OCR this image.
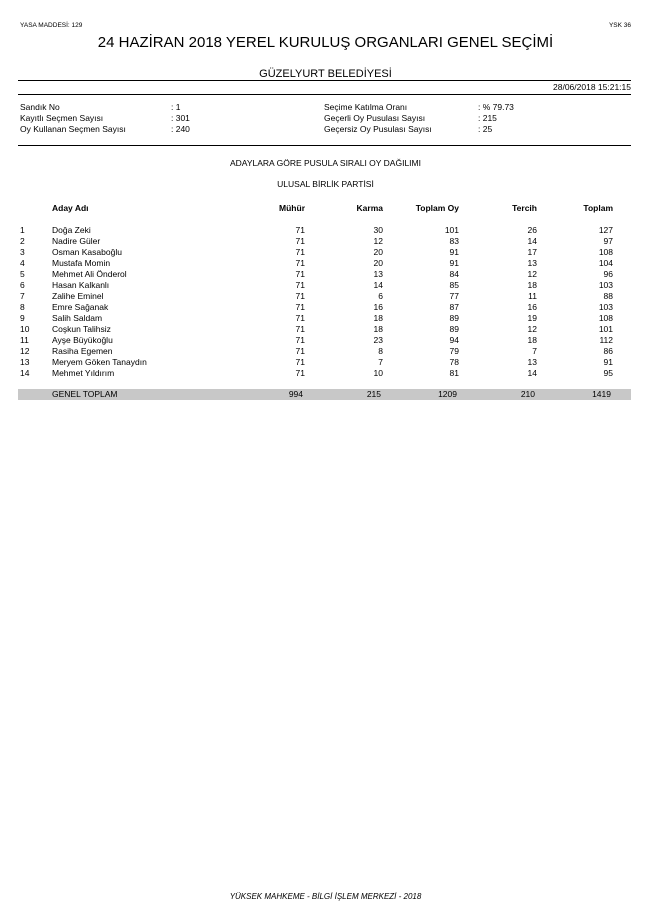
YASA MADDESİ: 129	YSK 36
24 HAZİRAN 2018 YEREL KURULUŞ ORGANLARI GENEL SEÇİMİ
GÜZELYURT BELEDİYESİ
28/06/2018 15:21:15
Sandık No	: 1
Kayıtlı Seçmen Sayısı	: 301
Oy Kullanan Seçmen Sayısı	: 240
Seçime Katılma Oranı	: % 79.73
Geçerli Oy Pusulası Sayısı	: 215
Geçersiz Oy Pusulası Sayısı	: 25
ADAYLARA GÖRE PUSULA SIRALI OY DAĞILIMI
ULUSAL BİRLİK PARTİSİ
Aday Adı	Mühür	Karma	Toplam Oy	Tercih	Toplam
1	Doğa Zeki	71	30	101	26	127
2	Nadire Güler	71	12	83	14	97
3	Osman Kasaboğlu	71	20	91	17	108
4	Mustafa Momin	71	20	91	13	104
5	Mehmet Ali Önderol	71	13	84	12	96
6	Hasan Kalkanlı	71	14	85	18	103
7	Zalihe Eminel	71	6	77	11	88
8	Emre Sağanak	71	16	87	16	103
9	Salih Saldam	71	18	89	19	108
10	Coşkun Talihsiz	71	18	89	12	101
11	Ayşe Büyükoğlu	71	23	94	18	112
12	Rasiha Egemen	71	8	79	7	86
13	Meryem Göken Tanaydın	71	7	78	13	91
14	Mehmet Yıldırım	71	10	81	14	95
GENEL TOPLAM	994	215	1209	210	1419
YÜKSEK MAHKEME - BİLGİ İŞLEM MERKEZİ - 2018
